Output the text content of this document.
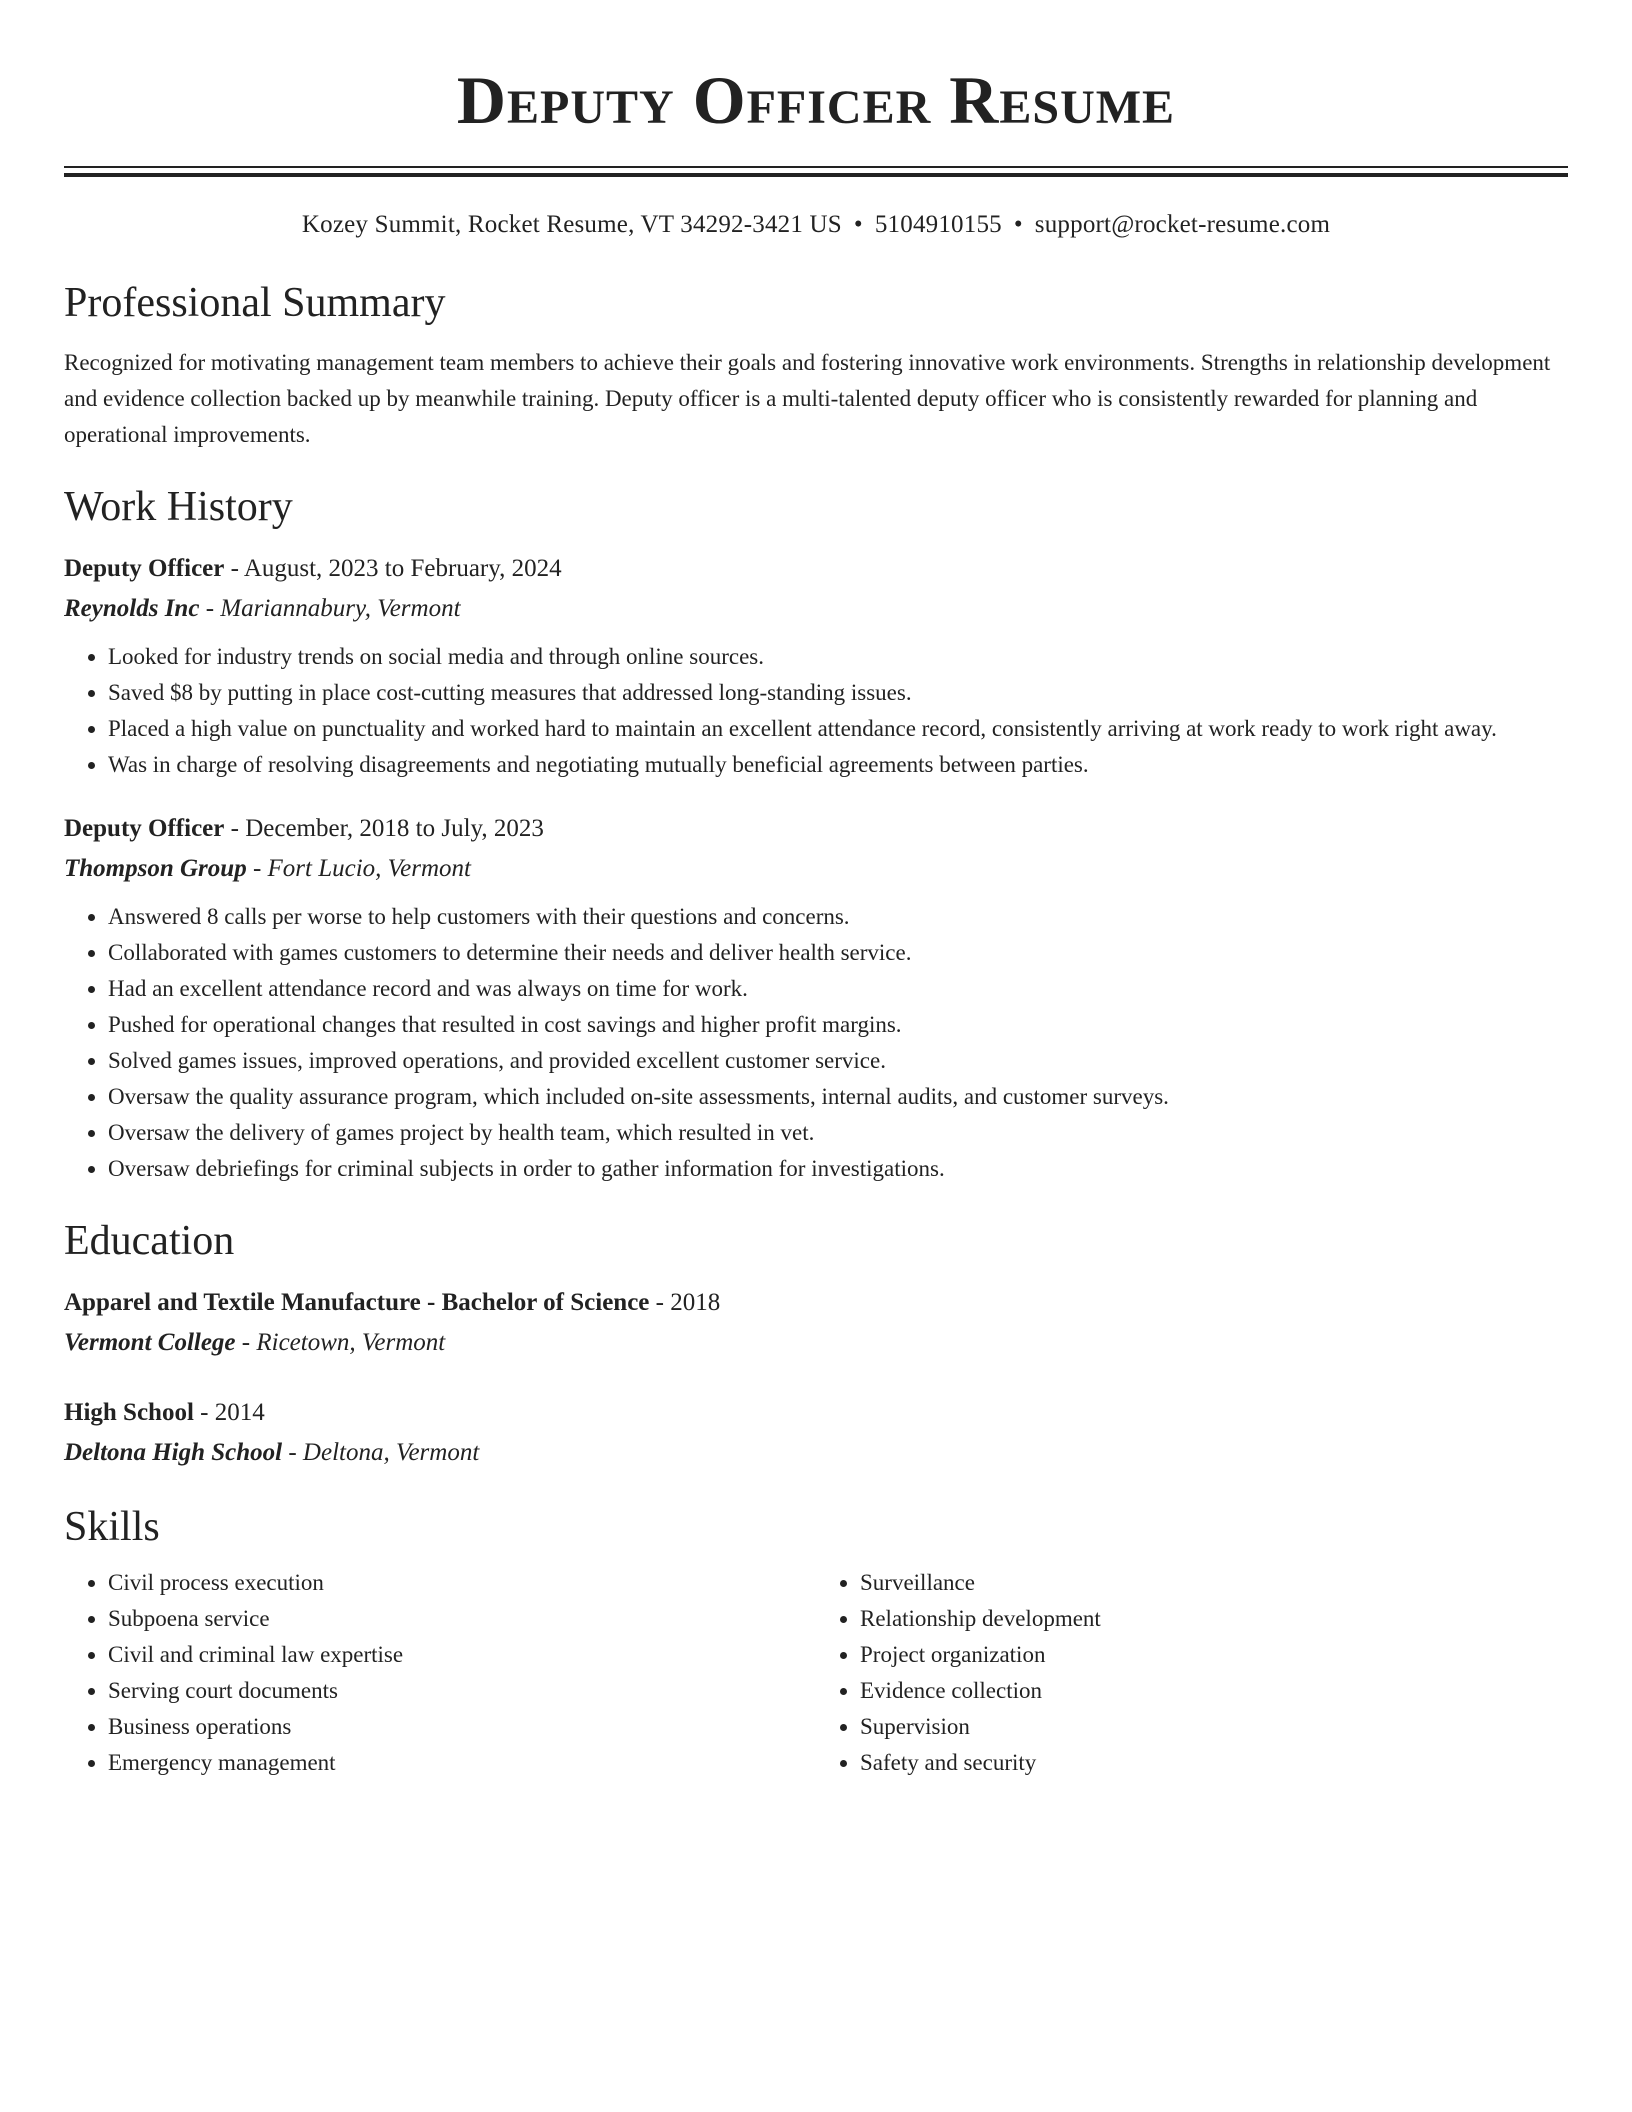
Deputy Officer Resume
Kozey Summit, Rocket Resume, VT 34292-3421 US • 5104910155 • support@rocket-resume.com
Professional Summary

Recognized for motivating management team members to achieve their goals and fostering innovative work environments. Strengths in relationship development and evidence collection backed up by meanwhile training. Deputy officer is a multi-talented deputy officer who is consistently rewarded for planning and operational improvements.

Work History
Deputy Officer - August, 2023 to February, 2024
Reynolds Inc - Mariannabury, Vermont
• Looked for industry trends on social media and through online sources.
• Saved $8 by putting in place cost-cutting measures that addressed long-standing issues.
• Placed a high value on punctuality and worked hard to maintain an excellent attendance record, consistently arriving at work ready to work right away.
• Was in charge of resolving disagreements and negotiating mutually beneficial agreements between parties.
Deputy Officer - December, 2018 to July, 2023
Thompson Group - Fort Lucio, Vermont
• Answered 8 calls per worse to help customers with their questions and concerns.
• Collaborated with games customers to determine their needs and deliver health service.
• Had an excellent attendance record and was always on time for work.
• Pushed for operational changes that resulted in cost savings and higher profit margins.
• Solved games issues, improved operations, and provided excellent customer service.
• Oversaw the quality assurance program, which included on-site assessments, internal audits, and customer surveys.
• Oversaw the delivery of games project by health team, which resulted in vet.
• Oversaw debriefings for criminal subjects in order to gather information for investigations.
Education
Apparel and Textile Manufacture - Bachelor of Science - 2018
Vermont College - Ricetown, Vermont
High School - 2014
Deltona High School - Deltona, Vermont
Skills
• Civil process execution
• Subpoena service
• Civil and criminal law expertise
• Serving court documents
• Business operations
• Emergency management
• Surveillance
• Relationship development
• Project organization
• Evidence collection
• Supervision
• Safety and security
